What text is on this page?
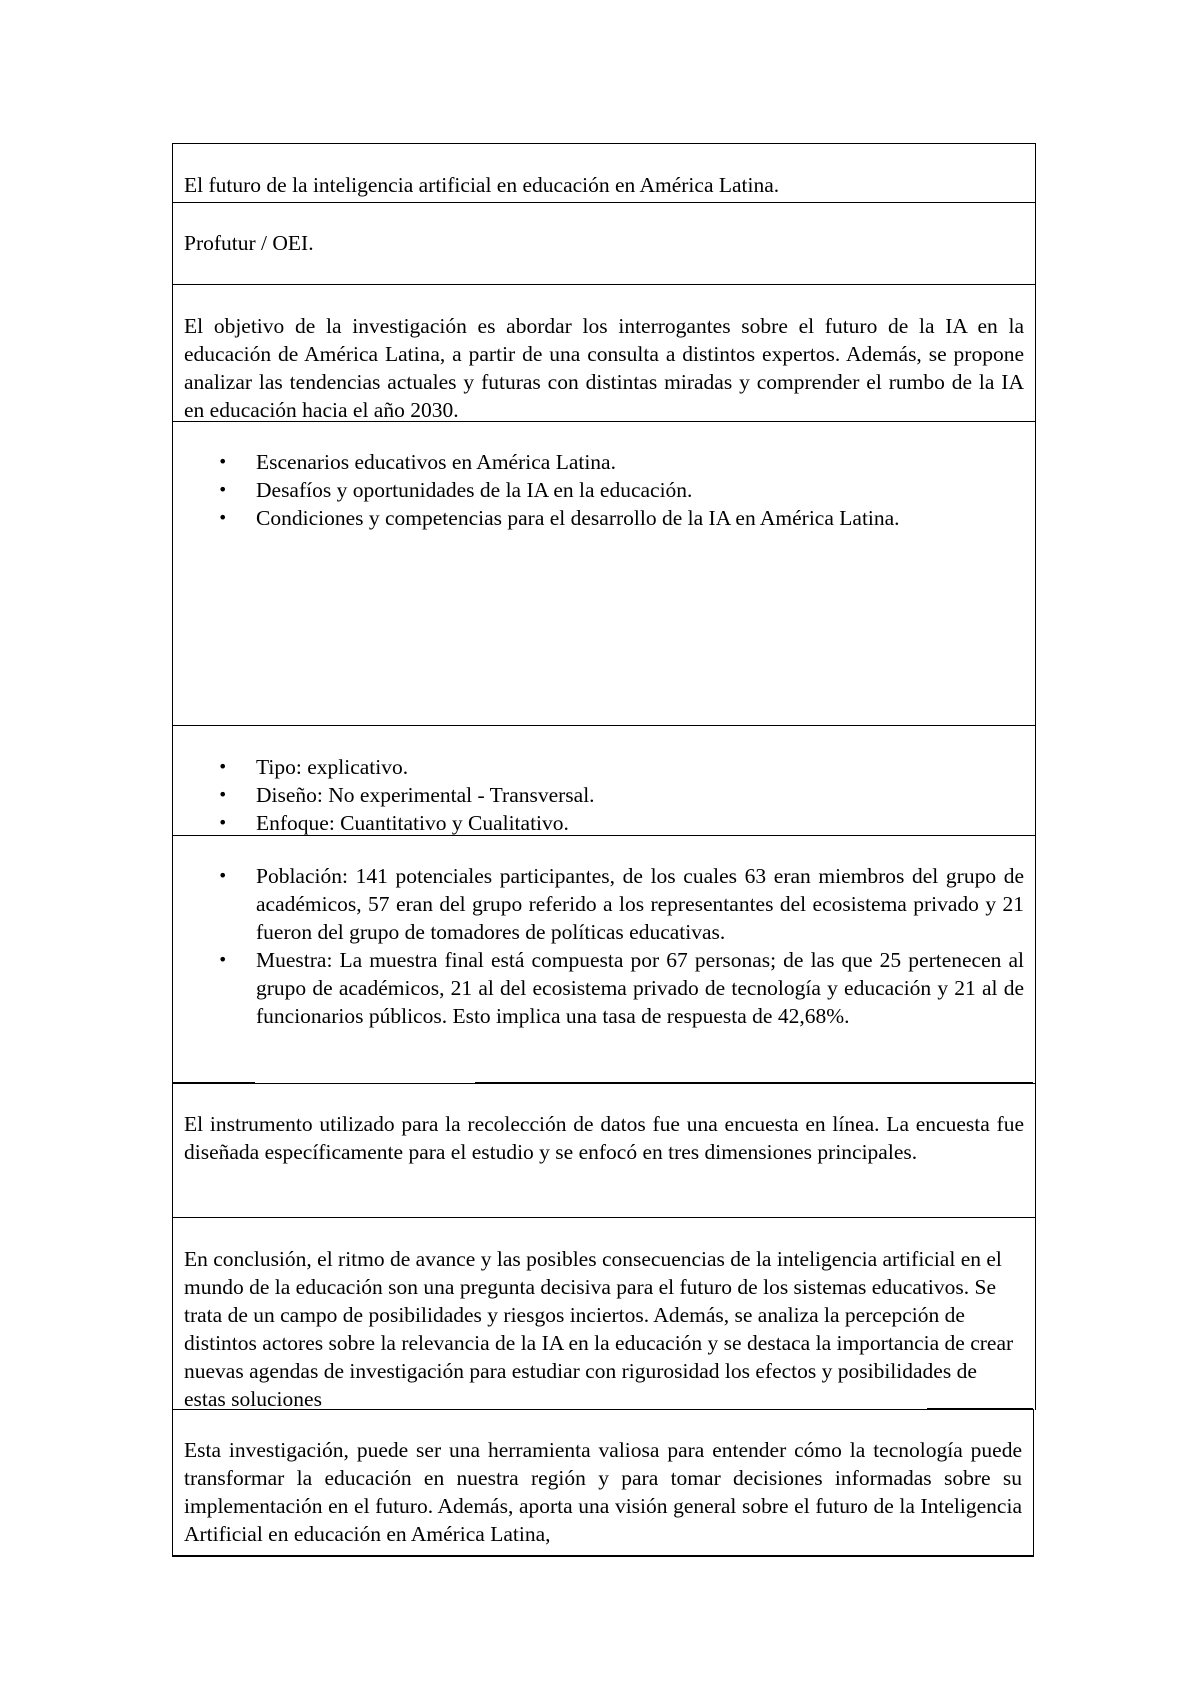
El futuro de la inteligencia artificial en educación en América Latina.

Profutur / OEI.

El objetivo de la investigación es abordar los interrogantes sobre el futuro de la IA en la educación de América Latina, a partir de una consulta a distintos expertos. Además, se propone analizar las tendencias actuales y futuras con distintas miradas y comprender el rumbo de la IA en educación hacia el año 2030.

• Escenarios educativos en América Latina.
• Desafíos y oportunidades de la IA en la educación.
• Condiciones y competencias para el desarrollo de la IA en América Latina.
• Tipo: explicativo.
• Diseño: No experimental - Transversal.
• Enfoque: Cuantitativo y Cualitativo.
• Población: 141 potenciales participantes, de los cuales 63 eran miembros del grupo de académicos, 57 eran del grupo referido a los representantes del ecosistema privado y 21 fueron del grupo de tomadores de políticas educativas.
• Muestra: La muestra final está compuesta por 67 personas; de las que 25 pertenecen al grupo de académicos, 21 al del ecosistema privado de tecnología y educación y 21 al de funcionarios públicos. Esto implica una tasa de respuesta de 42,68%.

El instrumento utilizado para la recolección de datos fue una encuesta en línea. La encuesta fue diseñada específicamente para el estudio y se enfocó en tres dimensiones principales.

En conclusión, el ritmo de avance y las posibles consecuencias de la inteligencia artificial en el mundo de la educación son una pregunta decisiva para el futuro de los sistemas educativos. Se trata de un campo de posibilidades y riesgos inciertos. Además, se analiza la percepción de distintos actores sobre la relevancia de la IA en la educación y se destaca la importancia de crear nuevas agendas de investigación para estudiar con rigurosidad los efectos y posibilidades de estas soluciones

Esta investigación, puede ser una herramienta valiosa para entender cómo la tecnología puede transformar la educación en nuestra región y para tomar decisiones informadas sobre su implementación en el futuro. Además, aporta una visión general sobre el futuro de la Inteligencia Artificial en educación en América Latina,
